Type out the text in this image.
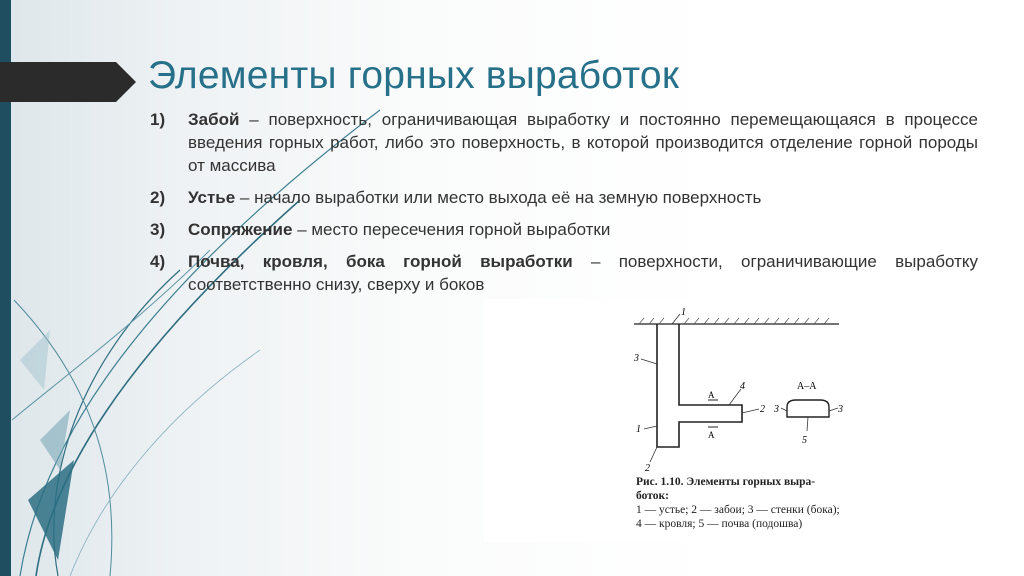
Элементы горных выработок
1) Забой – поверхность, ограничивающая выработку и постоянно перемещающаяся в процессе введения горных работ, либо это поверхность, в которой производится отделение горной породы от массива
2) Устье – начало выработки или место выхода её на земную поверхность
3) Сопряжение – место пересечения горной выработки
4) Почва, кровля, бока горной выработки – поверхности, ограничивающие выработку соответственно снизу, сверху и боков
1
3
4
2
1
2
A
A
A–A
3	3
5
Рис. 1.10. Элементы горных выра-
боток:
1 — устье; 2 — забои; 3 — стенки (бока);
4 — кровля; 5 — почва (подошва)
